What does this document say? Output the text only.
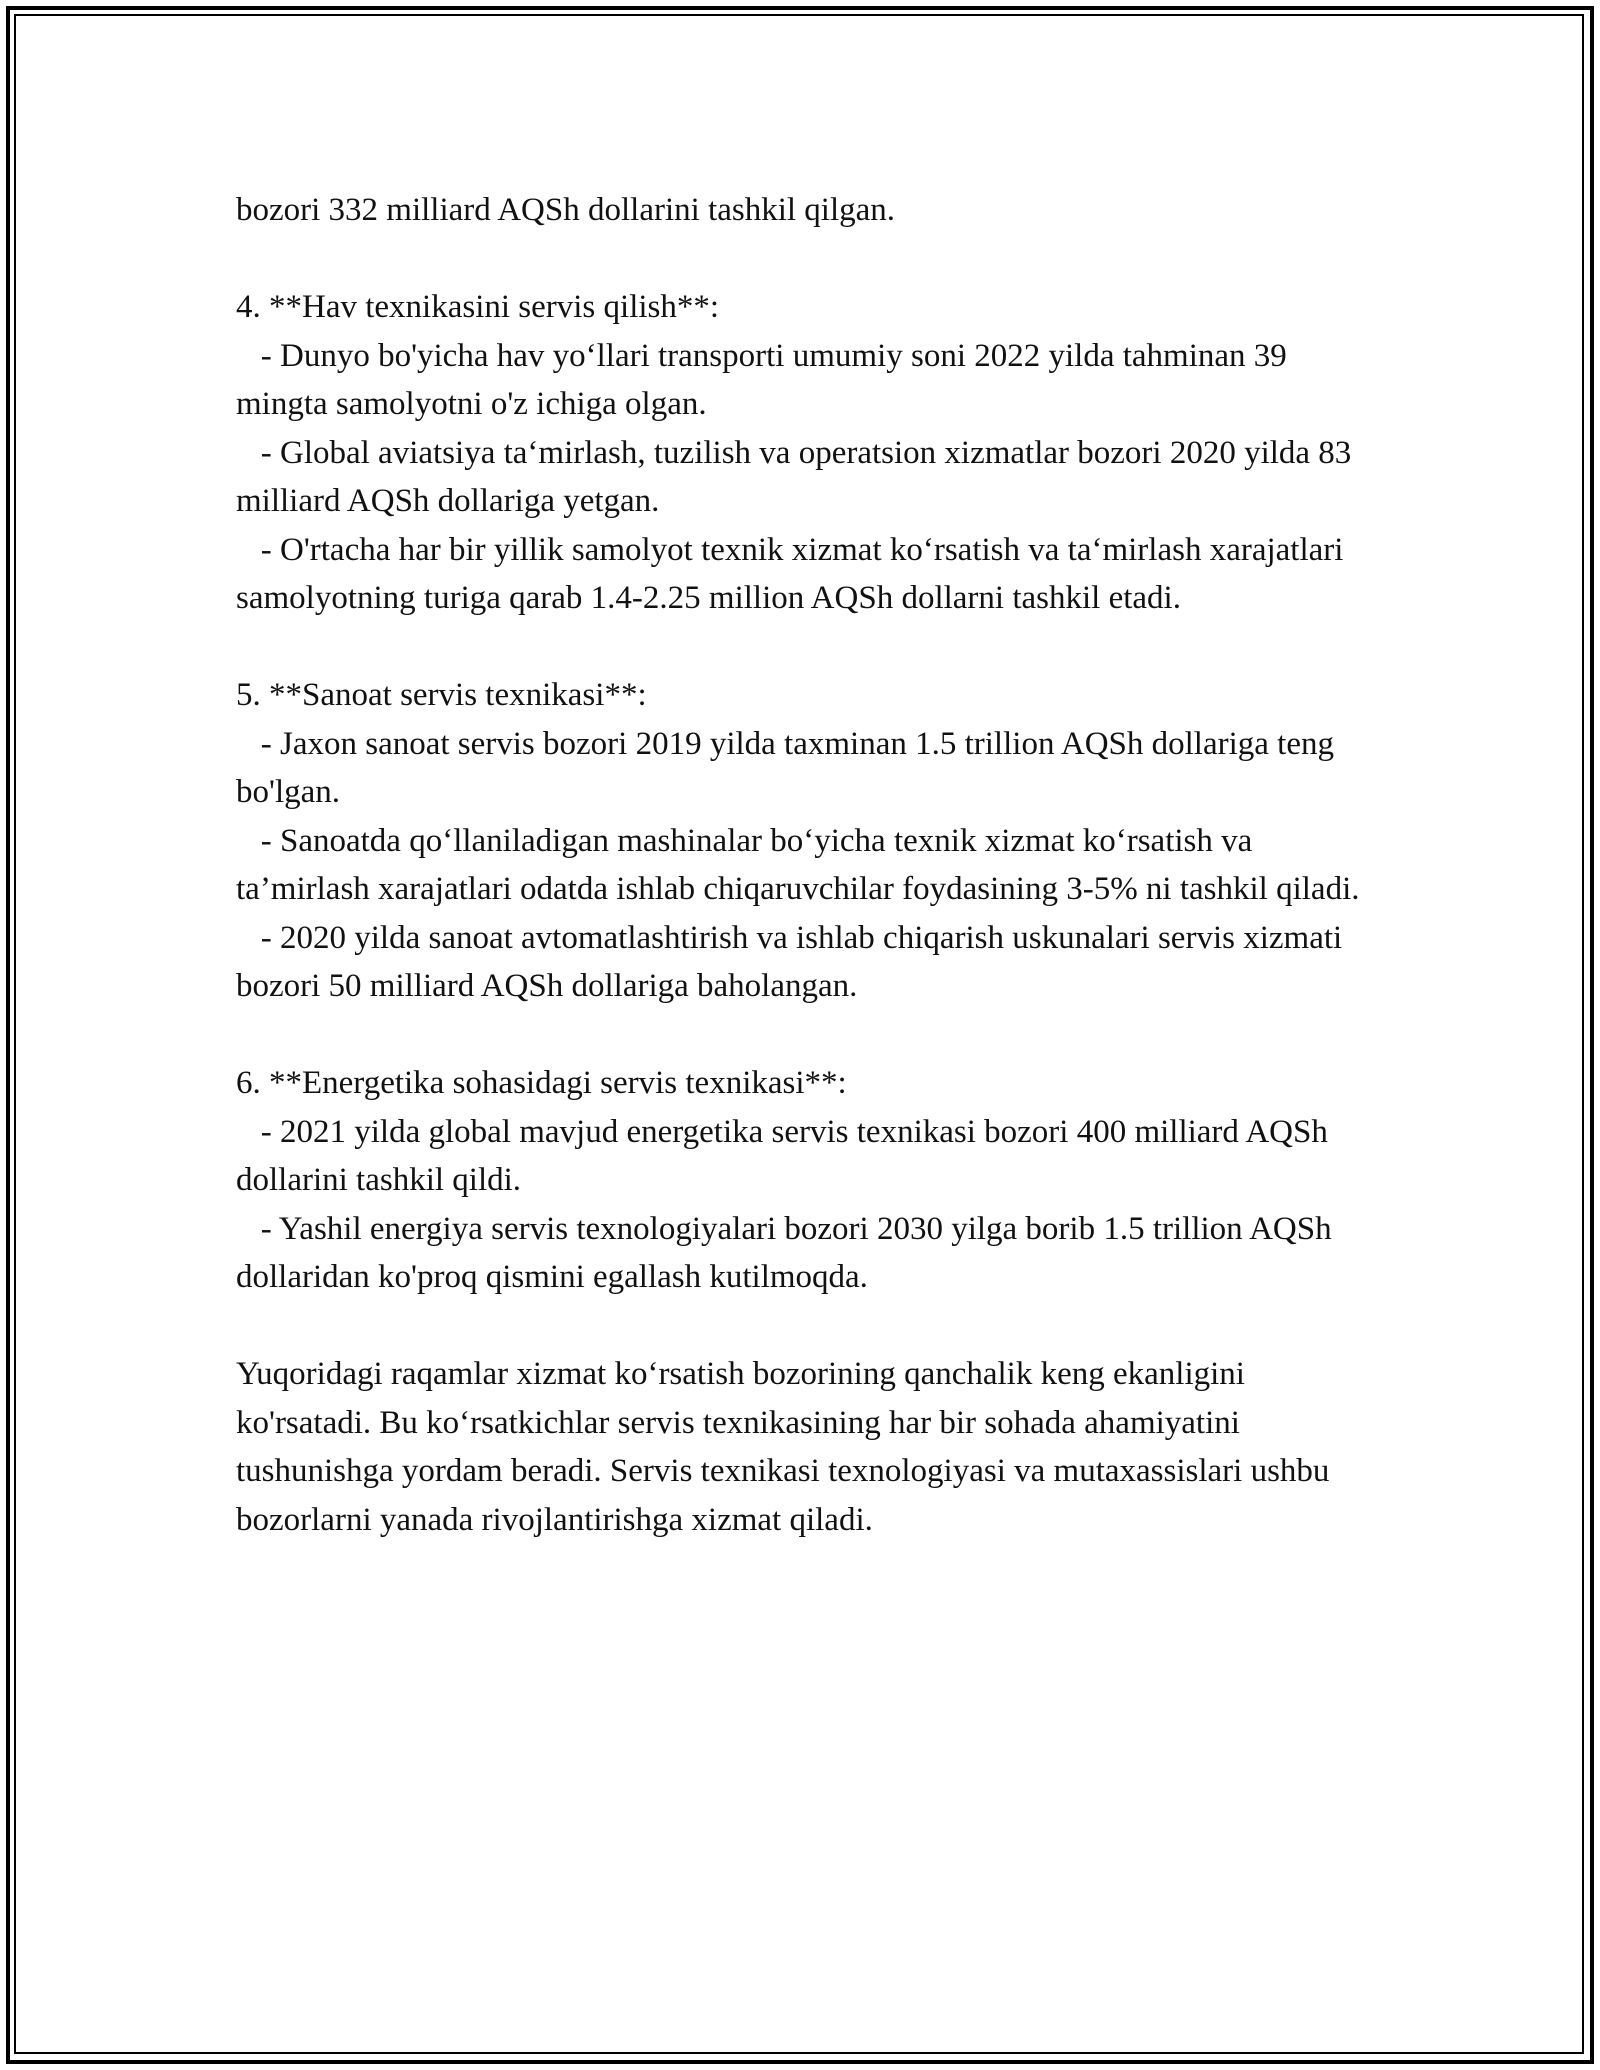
bozori 332 milliard AQSh dollarini tashkil qilgan.

4. **Hav texnikasini servis qilish**:

- Dunyo bo'yicha hav yo‘llari transporti umumiy soni 2022 yilda tahminan 39 mingta samolyotni o'z ichiga olgan.

- Global aviatsiya ta‘mirlash, tuzilish va operatsion xizmatlar bozori 2020 yilda 83 milliard AQSh dollariga yetgan.

- O'rtacha har bir yillik samolyot texnik xizmat ko‘rsatish va ta‘mirlash xarajatlari samolyotning turiga qarab 1.4-2.25 million AQSh dollarni tashkil etadi.

5. **Sanoat servis texnikasi**:

- Jaxon sanoat servis bozori 2019 yilda taxminan 1.5 trillion AQSh dollariga teng bo'lgan.

- Sanoatda qo‘llaniladigan mashinalar bo‘yicha texnik xizmat ko‘rsatish va ta’mirlash xarajatlari odatda ishlab chiqaruvchilar foydasining 3-5% ni tashkil qiladi.

- 2020 yilda sanoat avtomatlashtirish va ishlab chiqarish uskunalari servis xizmati bozori 50 milliard AQSh dollariga baholangan.

6. **Energetika sohasidagi servis texnikasi**:

- 2021 yilda global mavjud energetika servis texnikasi bozori 400 milliard AQSh dollarini tashkil qildi.

- Yashil energiya servis texnologiyalari bozori 2030 yilga borib 1.5 trillion AQSh dollaridan ko'proq qismini egallash kutilmoqda.

Yuqoridagi raqamlar xizmat ko‘rsatish bozorining qanchalik keng ekanligini ko'rsatadi. Bu ko‘rsatkichlar servis texnikasining har bir sohada ahamiyatini tushunishga yordam beradi. Servis texnikasi texnologiyasi va mutaxassislari ushbu bozorlarni yanada rivojlantirishga xizmat qiladi.
